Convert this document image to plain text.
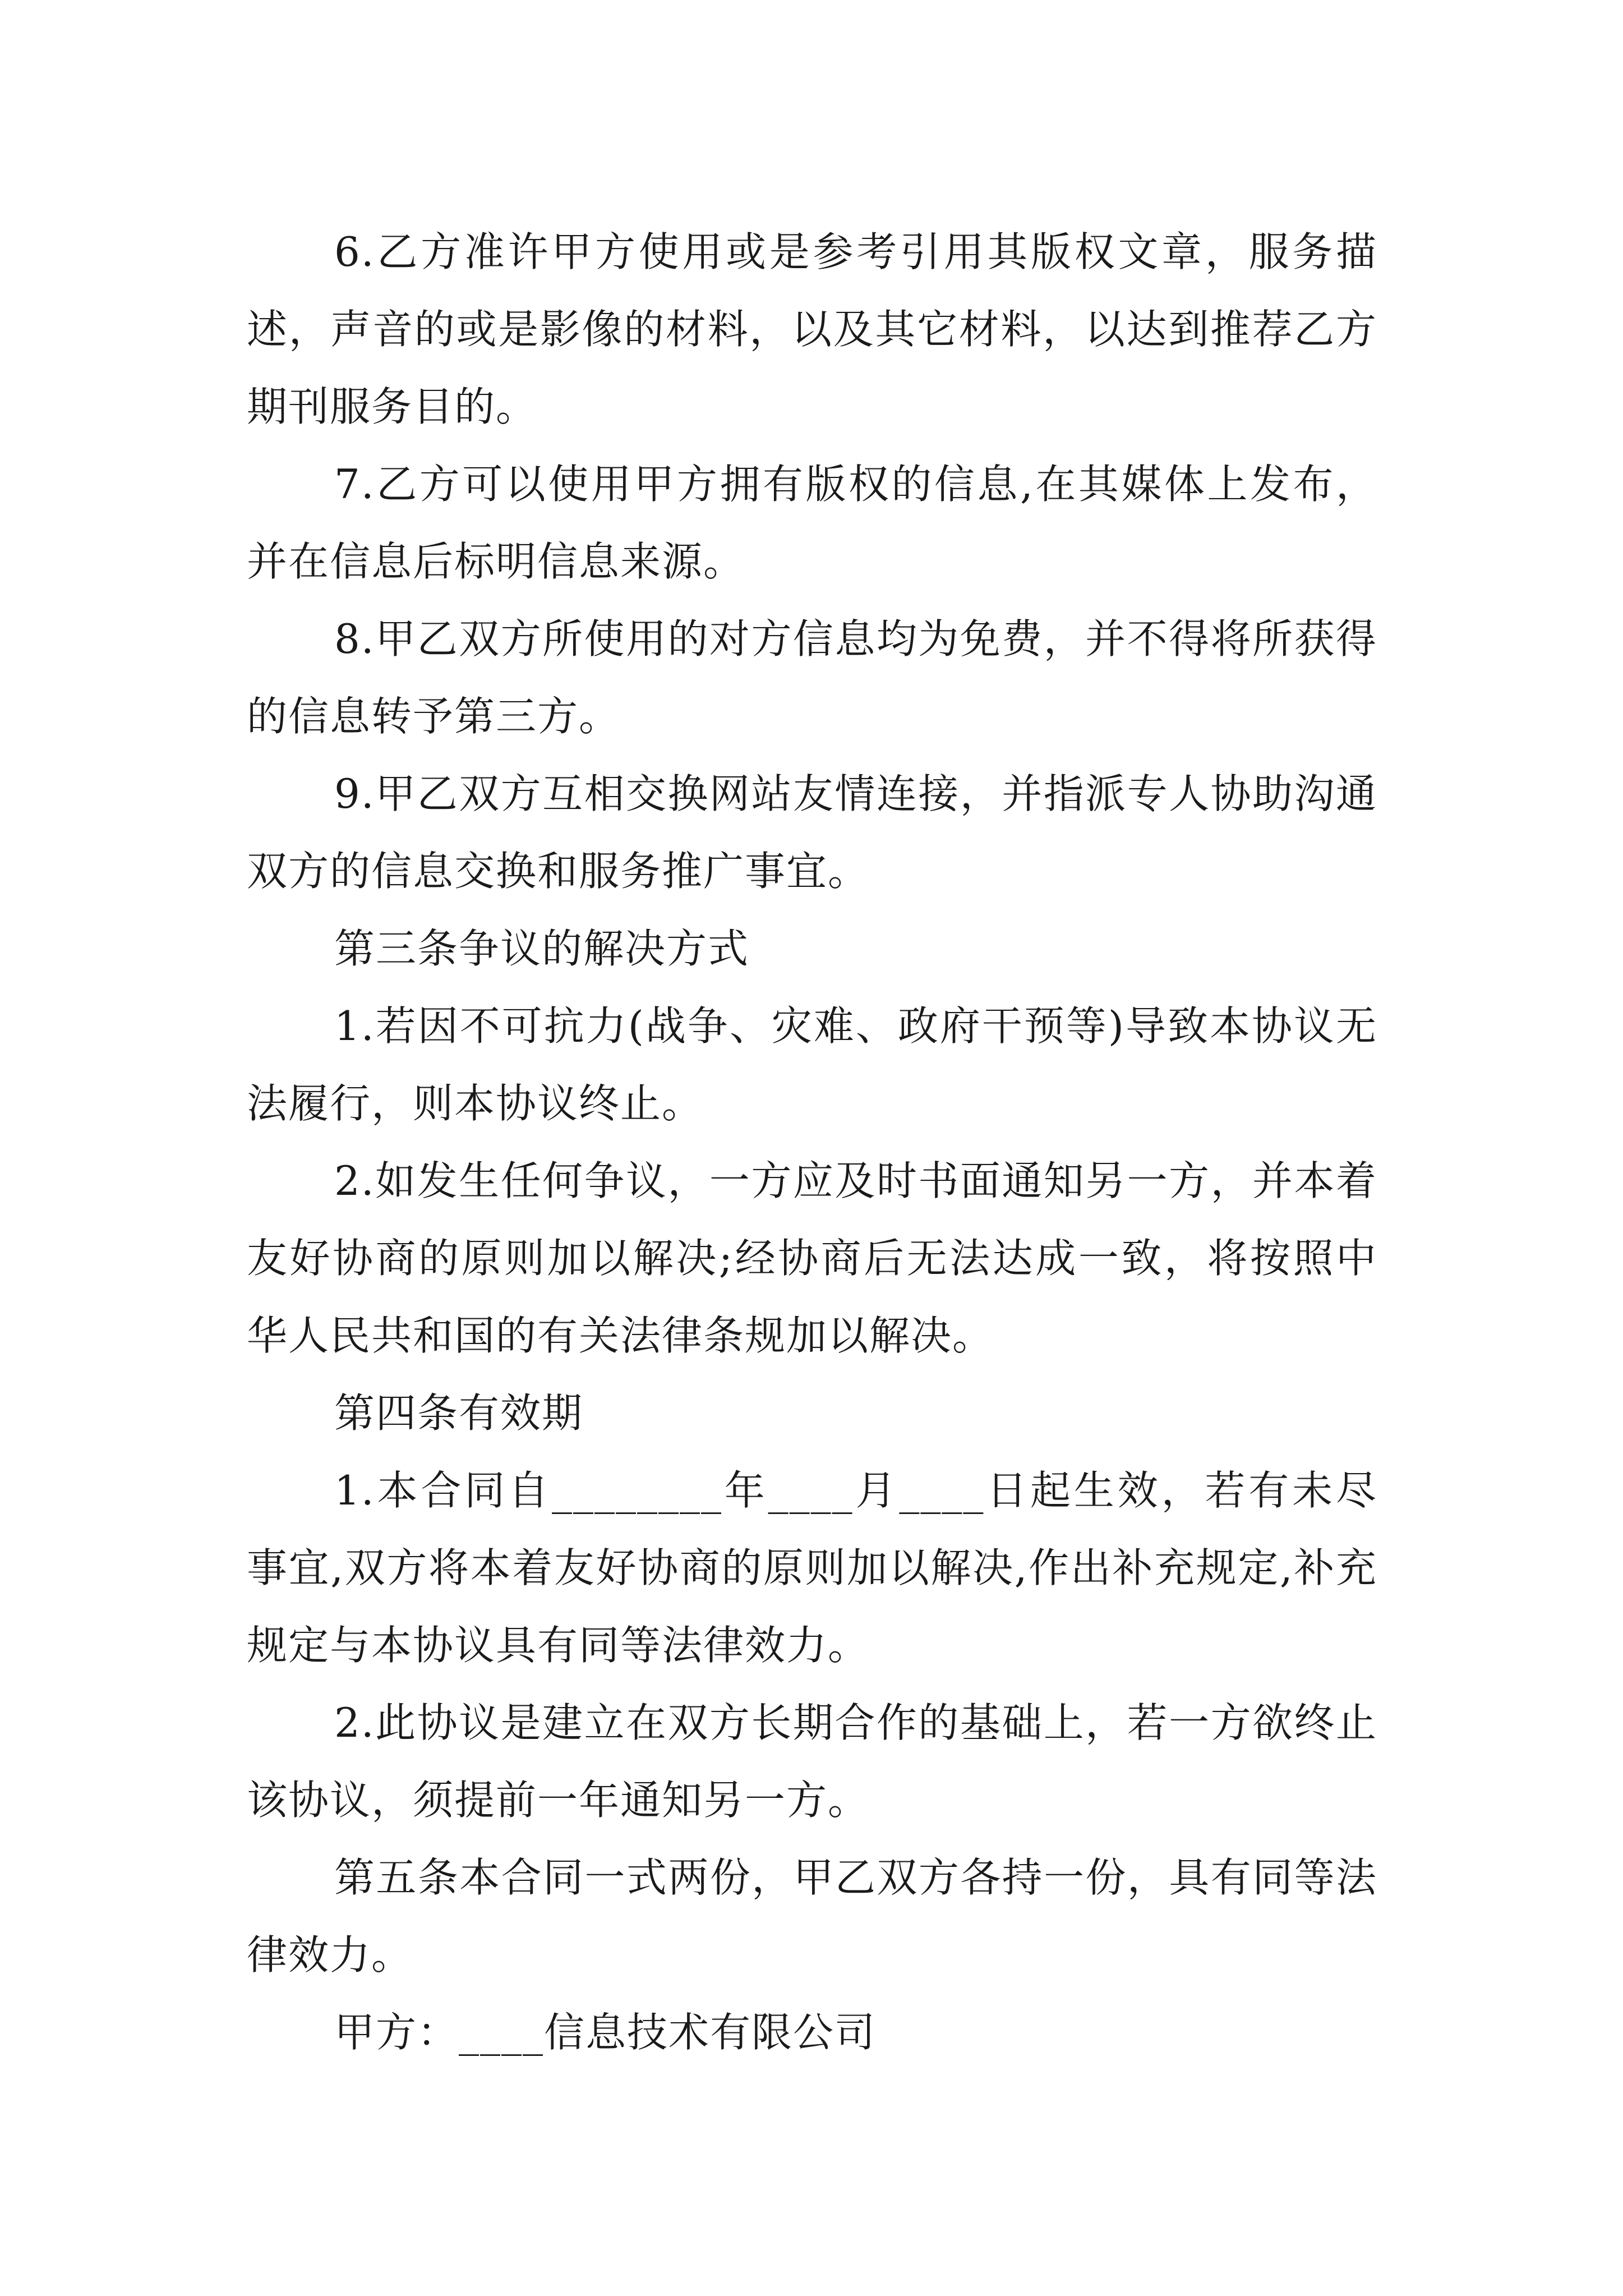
6.乙方准许甲方使用或是参考引用其版权文章，服务描述，声音的或是影像的材料，以及其它材料，以达到推荐乙方期刊服务目的。

7.乙方可以使用甲方拥有版权的信息,在其媒体上发布，并在信息后标明信息来源。

8.甲乙双方所使用的对方信息均为免费，并不得将所获得的信息转予第三方。

9.甲乙双方互相交换网站友情连接，并指派专人协助沟通双方的信息交换和服务推广事宜。

第三条争议的解决方式

1.若因不可抗力(战争、灾难、政府干预等)导致本协议无法履行，则本协议终止。

2.如发生任何争议，一方应及时书面通知另一方，并本着友好协商的原则加以解决;经协商后无法达成一致，将按照中华人民共和国的有关法律条规加以解决。

第四条有效期

1.本合同自________年____月____日起生效，若有未尽事宜,双方将本着友好协商的原则加以解决,作出补充规定,补充规定与本协议具有同等法律效力。

2.此协议是建立在双方长期合作的基础上，若一方欲终止该协议，须提前一年通知另一方。

第五条本合同一式两份，甲乙双方各持一份，具有同等法律效力。

甲方：____信息技术有限公司
